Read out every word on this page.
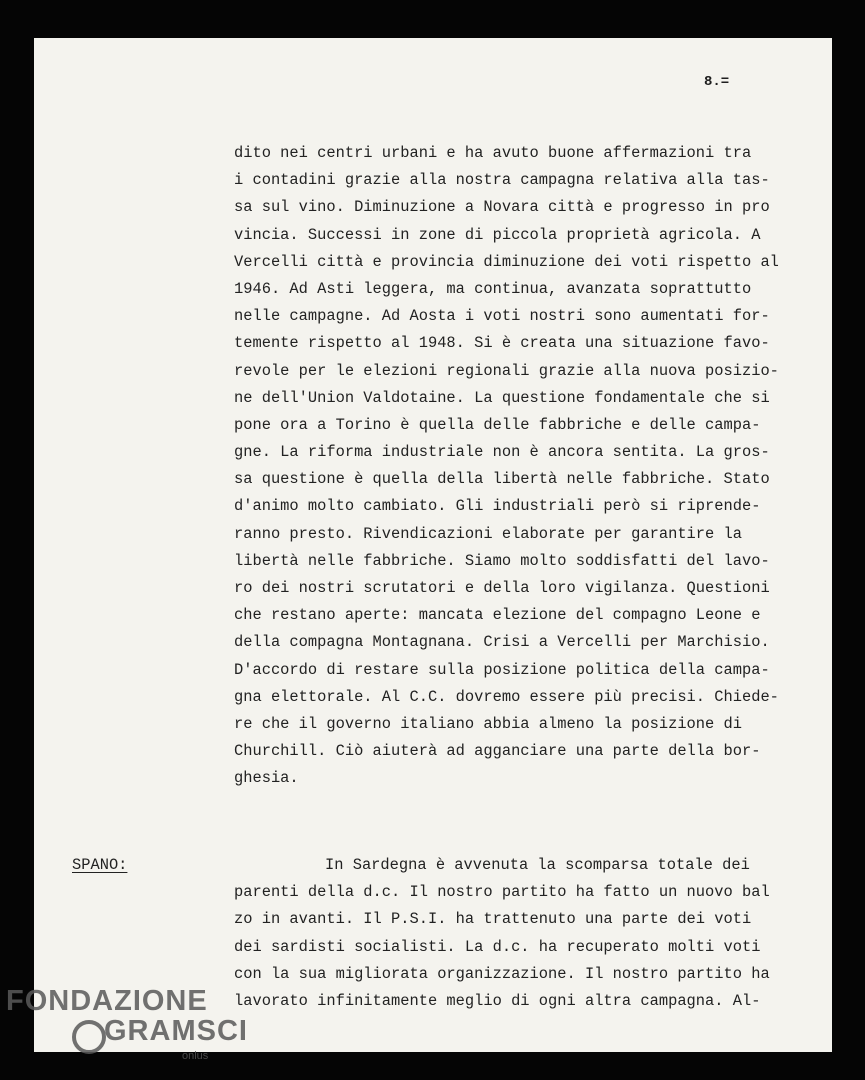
8.=
dito nei centri urbani e ha avuto buone affermazioni tra
i contadini grazie alla nostra campagna relativa alla tas-
sa sul vino. Diminuzione a Novara città e progresso in pro
vincia. Successi in zone di piccola proprietà agricola. A
Vercelli città e provincia diminuzione dei voti rispetto al
1946. Ad Asti leggera, ma continua, avanzata soprattutto
nelle campagne. Ad Aosta i voti nostri sono aumentati for-
temente rispetto al 1948. Si è creata una situazione favo-
revole per le elezioni regionali grazie alla nuova posizio-
ne dell'Union Valdotaine. La questione fondamentale che si
pone ora a Torino è quella delle fabbriche e delle campa-
gne. La riforma industriale non è ancora sentita. La gros-
sa questione è quella della libertà nelle fabbriche. Stato
d'animo molto cambiato. Gli industriali però si riprende-
ranno presto. Rivendicazioni elaborate per garantire la
libertà nelle fabbriche. Siamo molto soddisfatti del lavo-
ro dei nostri scrutatori e della loro vigilanza. Questioni
che restano aperte: mancata elezione del compagno Leone e
della compagna Montagnana. Crisi a Vercelli per Marchisio.
D'accordo di restare sulla posizione politica della campa-
gna elettorale. Al C.C. dovremo essere più precisi. Chiede-
re che il governo italiano abbia almeno la posizione di
Churchill. Ciò aiuterà ad agganciare una parte della bor-
ghesia.
SPANO:	In Sardegna è avvenuta la scomparsa totale dei
parenti della d.c. Il nostro partito ha fatto un nuovo bal
zo in avanti. Il P.S.I. ha trattenuto una parte dei voti
dei sardisti socialisti. La d.c. ha recuperato molti voti
con la sua migliorata organizzazione. Il nostro partito ha
lavorato infinitamente meglio di ogni altra campagna. Al-
FONDAZIONE
GRAMSCI
onlus
